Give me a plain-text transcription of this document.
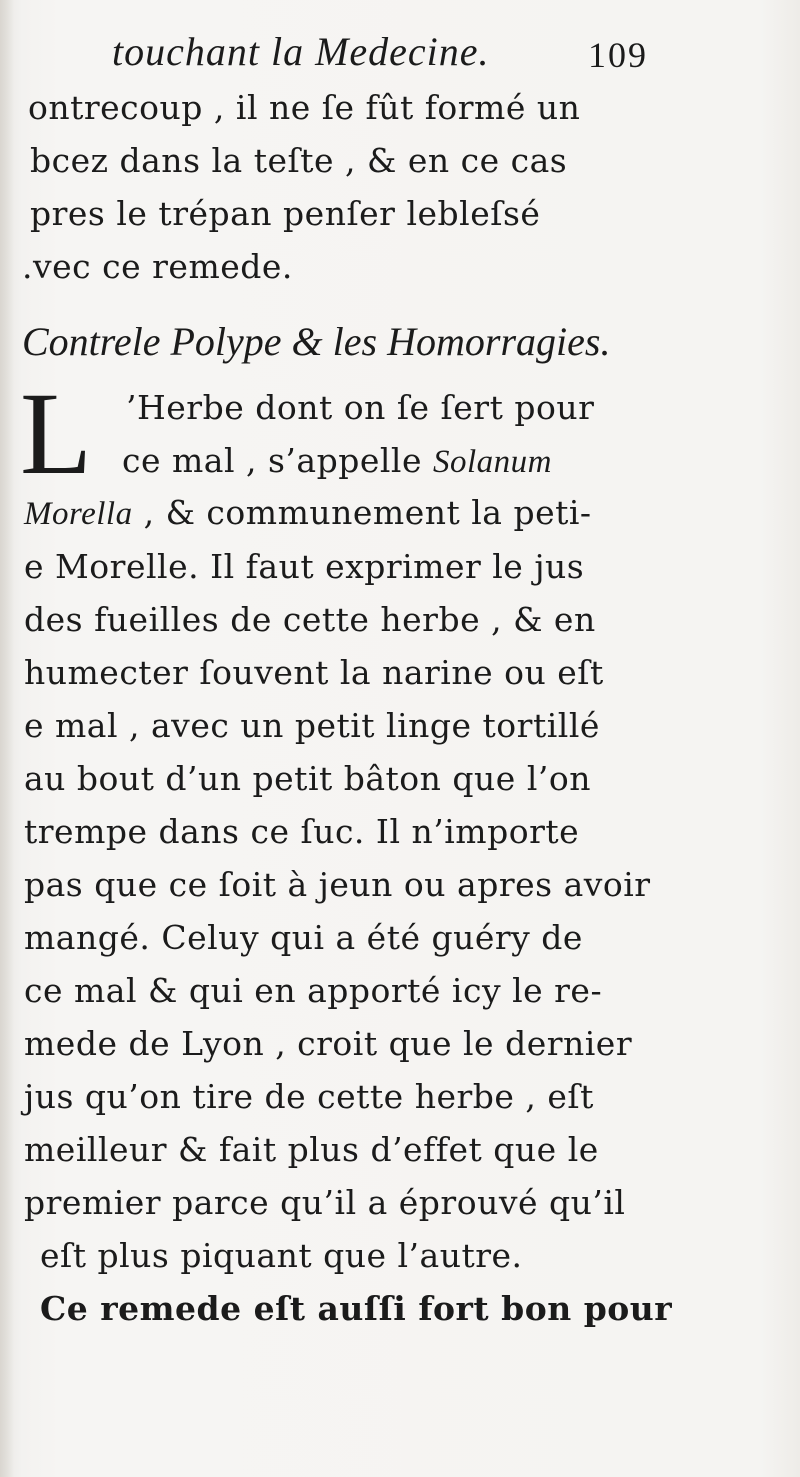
touchant la Medecine.	109
ontrecoup , il ne ſe fût formé un
bcez dans la teſte , & en ce cas
pres le trépan penſer lebleſsé
.vec ce remede.
Contrele Polype & les Homorragies.
L ’Herbe dont on ſe ſert pour
ce mal , s’appelle Solanum
Morella , & communement la peti-
e Morelle. Il faut exprimer le jus
des fueilles de cette herbe , & en
humecter ſouvent la narine ou eſt
e mal , avec un petit linge tortillé
au bout d’un petit bâton que l’on
trempe dans ce ſuc. Il n’importe
pas que ce ſoit à jeun ou apres avoir
mangé. Celuy qui a été guéry de
ce mal & qui en apporté icy le re-
mede de Lyon , croit que le dernier
jus qu’on tire de cette herbe , eſt
meilleur & fait plus d’effet que le
premier parce qu’il a éprouvé qu’il
eſt plus piquant que l’autre.
Ce remede eſt auſſi fort bon pour
